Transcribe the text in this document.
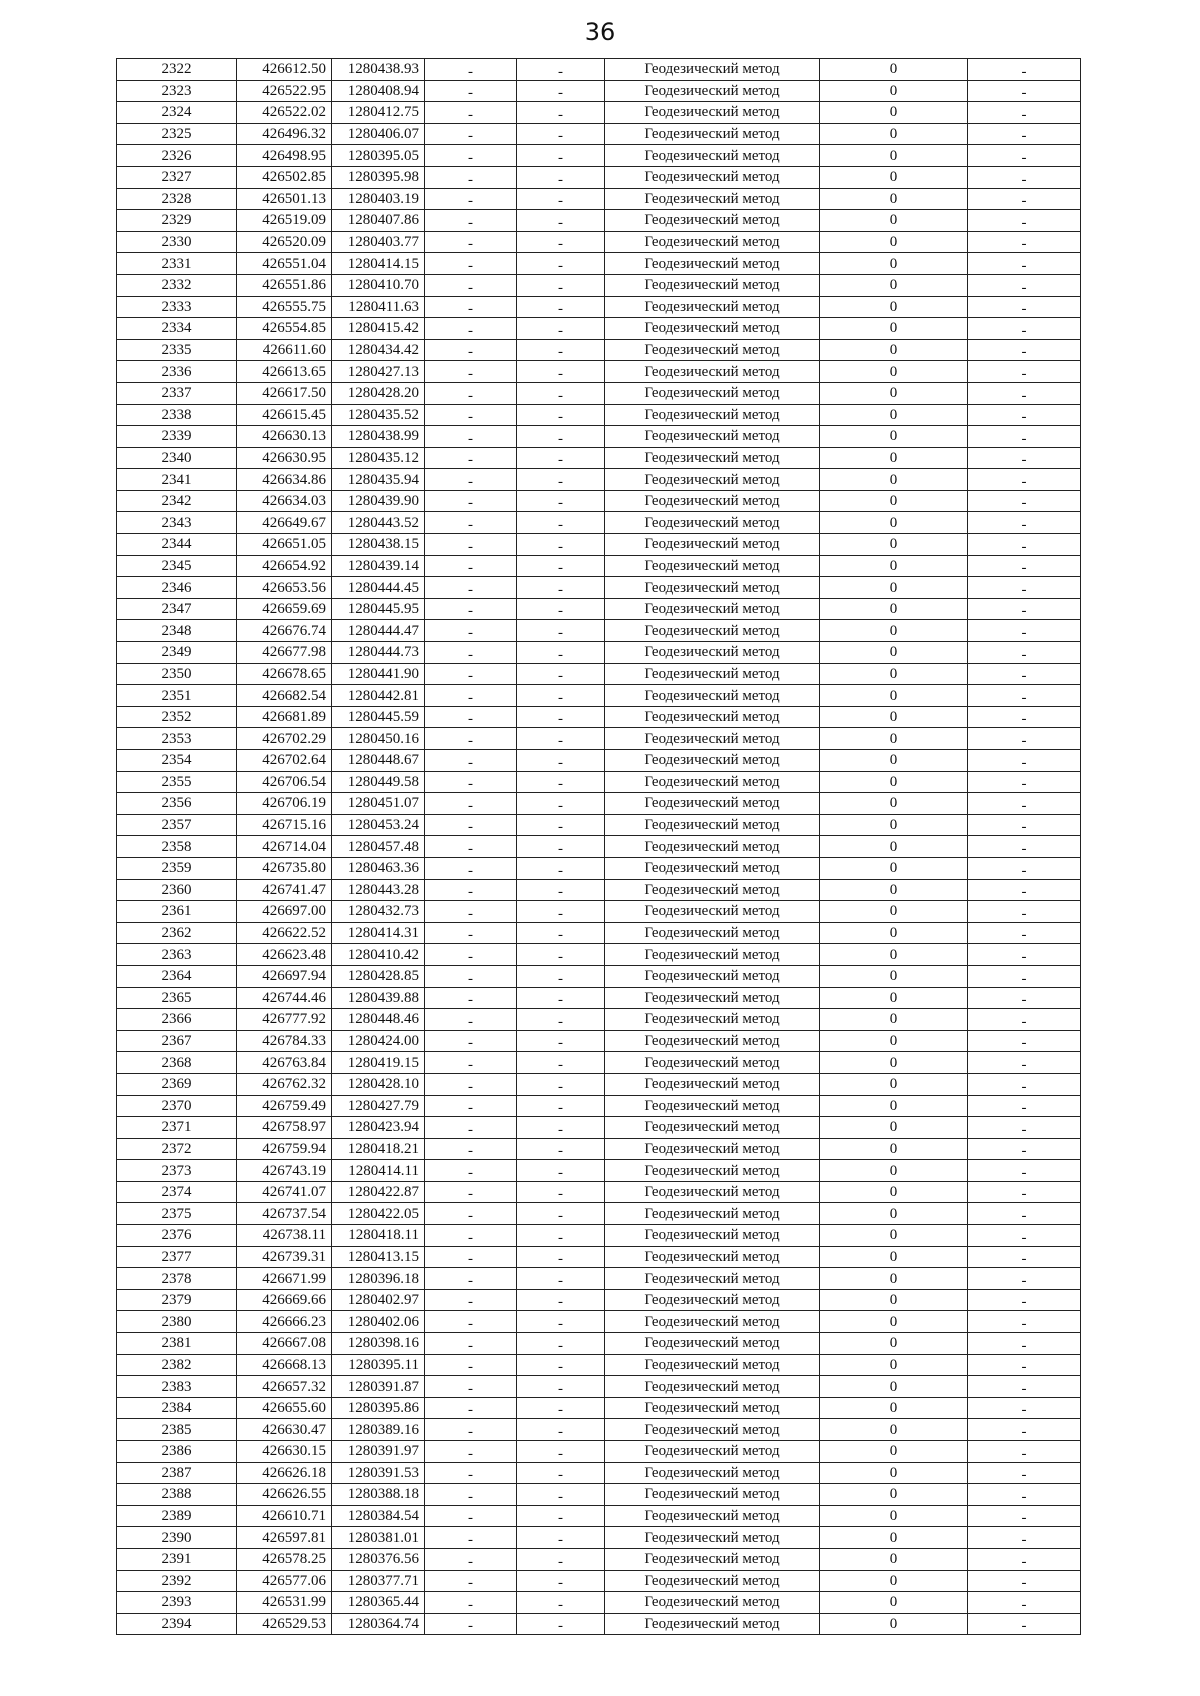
36
2322	426612.50	1280438.93	-	-	Геодезический метод	0	-
2323	426522.95	1280408.94	-	-	Геодезический метод	0	-
2324	426522.02	1280412.75	-	-	Геодезический метод	0	-
2325	426496.32	1280406.07	-	-	Геодезический метод	0	-
2326	426498.95	1280395.05	-	-	Геодезический метод	0	-
2327	426502.85	1280395.98	-	-	Геодезический метод	0	-
2328	426501.13	1280403.19	-	-	Геодезический метод	0	-
2329	426519.09	1280407.86	-	-	Геодезический метод	0	-
2330	426520.09	1280403.77	-	-	Геодезический метод	0	-
2331	426551.04	1280414.15	-	-	Геодезический метод	0	-
2332	426551.86	1280410.70	-	-	Геодезический метод	0	-
2333	426555.75	1280411.63	-	-	Геодезический метод	0	-
2334	426554.85	1280415.42	-	-	Геодезический метод	0	-
2335	426611.60	1280434.42	-	-	Геодезический метод	0	-
2336	426613.65	1280427.13	-	-	Геодезический метод	0	-
2337	426617.50	1280428.20	-	-	Геодезический метод	0	-
2338	426615.45	1280435.52	-	-	Геодезический метод	0	-
2339	426630.13	1280438.99	-	-	Геодезический метод	0	-
2340	426630.95	1280435.12	-	-	Геодезический метод	0	-
2341	426634.86	1280435.94	-	-	Геодезический метод	0	-
2342	426634.03	1280439.90	-	-	Геодезический метод	0	-
2343	426649.67	1280443.52	-	-	Геодезический метод	0	-
2344	426651.05	1280438.15	-	-	Геодезический метод	0	-
2345	426654.92	1280439.14	-	-	Геодезический метод	0	-
2346	426653.56	1280444.45	-	-	Геодезический метод	0	-
2347	426659.69	1280445.95	-	-	Геодезический метод	0	-
2348	426676.74	1280444.47	-	-	Геодезический метод	0	-
2349	426677.98	1280444.73	-	-	Геодезический метод	0	-
2350	426678.65	1280441.90	-	-	Геодезический метод	0	-
2351	426682.54	1280442.81	-	-	Геодезический метод	0	-
2352	426681.89	1280445.59	-	-	Геодезический метод	0	-
2353	426702.29	1280450.16	-	-	Геодезический метод	0	-
2354	426702.64	1280448.67	-	-	Геодезический метод	0	-
2355	426706.54	1280449.58	-	-	Геодезический метод	0	-
2356	426706.19	1280451.07	-	-	Геодезический метод	0	-
2357	426715.16	1280453.24	-	-	Геодезический метод	0	-
2358	426714.04	1280457.48	-	-	Геодезический метод	0	-
2359	426735.80	1280463.36	-	-	Геодезический метод	0	-
2360	426741.47	1280443.28	-	-	Геодезический метод	0	-
2361	426697.00	1280432.73	-	-	Геодезический метод	0	-
2362	426622.52	1280414.31	-	-	Геодезический метод	0	-
2363	426623.48	1280410.42	-	-	Геодезический метод	0	-
2364	426697.94	1280428.85	-	-	Геодезический метод	0	-
2365	426744.46	1280439.88	-	-	Геодезический метод	0	-
2366	426777.92	1280448.46	-	-	Геодезический метод	0	-
2367	426784.33	1280424.00	-	-	Геодезический метод	0	-
2368	426763.84	1280419.15	-	-	Геодезический метод	0	-
2369	426762.32	1280428.10	-	-	Геодезический метод	0	-
2370	426759.49	1280427.79	-	-	Геодезический метод	0	-
2371	426758.97	1280423.94	-	-	Геодезический метод	0	-
2372	426759.94	1280418.21	-	-	Геодезический метод	0	-
2373	426743.19	1280414.11	-	-	Геодезический метод	0	-
2374	426741.07	1280422.87	-	-	Геодезический метод	0	-
2375	426737.54	1280422.05	-	-	Геодезический метод	0	-
2376	426738.11	1280418.11	-	-	Геодезический метод	0	-
2377	426739.31	1280413.15	-	-	Геодезический метод	0	-
2378	426671.99	1280396.18	-	-	Геодезический метод	0	-
2379	426669.66	1280402.97	-	-	Геодезический метод	0	-
2380	426666.23	1280402.06	-	-	Геодезический метод	0	-
2381	426667.08	1280398.16	-	-	Геодезический метод	0	-
2382	426668.13	1280395.11	-	-	Геодезический метод	0	-
2383	426657.32	1280391.87	-	-	Геодезический метод	0	-
2384	426655.60	1280395.86	-	-	Геодезический метод	0	-
2385	426630.47	1280389.16	-	-	Геодезический метод	0	-
2386	426630.15	1280391.97	-	-	Геодезический метод	0	-
2387	426626.18	1280391.53	-	-	Геодезический метод	0	-
2388	426626.55	1280388.18	-	-	Геодезический метод	0	-
2389	426610.71	1280384.54	-	-	Геодезический метод	0	-
2390	426597.81	1280381.01	-	-	Геодезический метод	0	-
2391	426578.25	1280376.56	-	-	Геодезический метод	0	-
2392	426577.06	1280377.71	-	-	Геодезический метод	0	-
2393	426531.99	1280365.44	-	-	Геодезический метод	0	-
2394	426529.53	1280364.74	-	-	Геодезический метод	0	-
